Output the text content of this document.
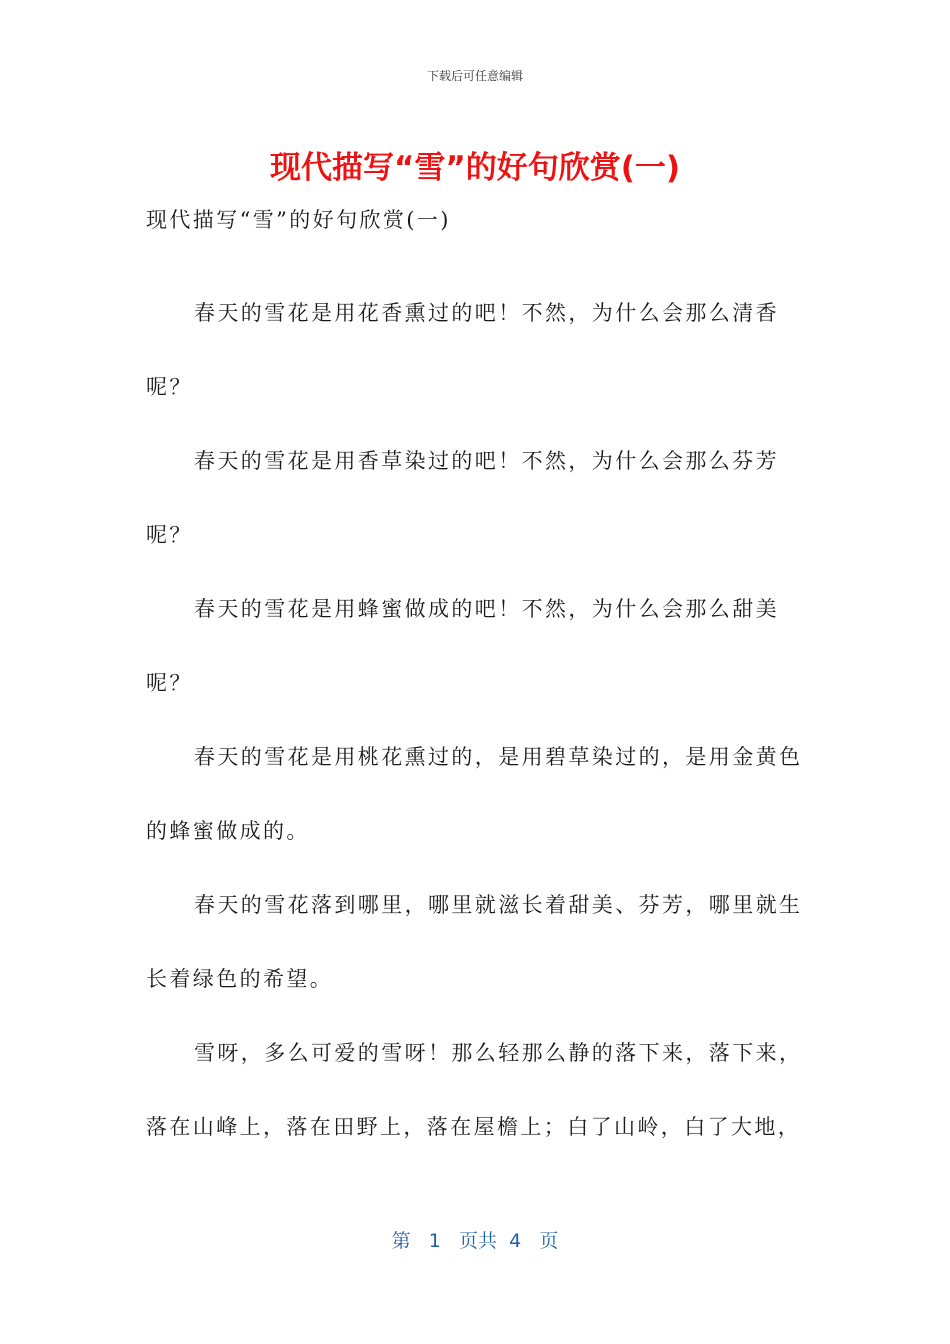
下载后可任意编辑
现代描写“雪”的好句欣赏(一)

现代描写“雪”的好句欣赏(一)

春天的雪花是用花香熏过的吧！不然，为什么会那么清香呢？

春天的雪花是用香草染过的吧！不然，为什么会那么芬芳呢？

春天的雪花是用蜂蜜做成的吧！不然，为什么会那么甜美呢？

春天的雪花是用桃花熏过的，是用碧草染过的，是用金黄色的蜂蜜做成的。

春天的雪花落到哪里，哪里就滋长着甜美、芬芳，哪里就生长着绿色的希望。

雪呀，多么可爱的雪呀！那么轻那么静的落下来，落下来，落在山峰上，落在田野上，落在屋檐上；白了山岭，白了大地，

第 1 页共 4 页
